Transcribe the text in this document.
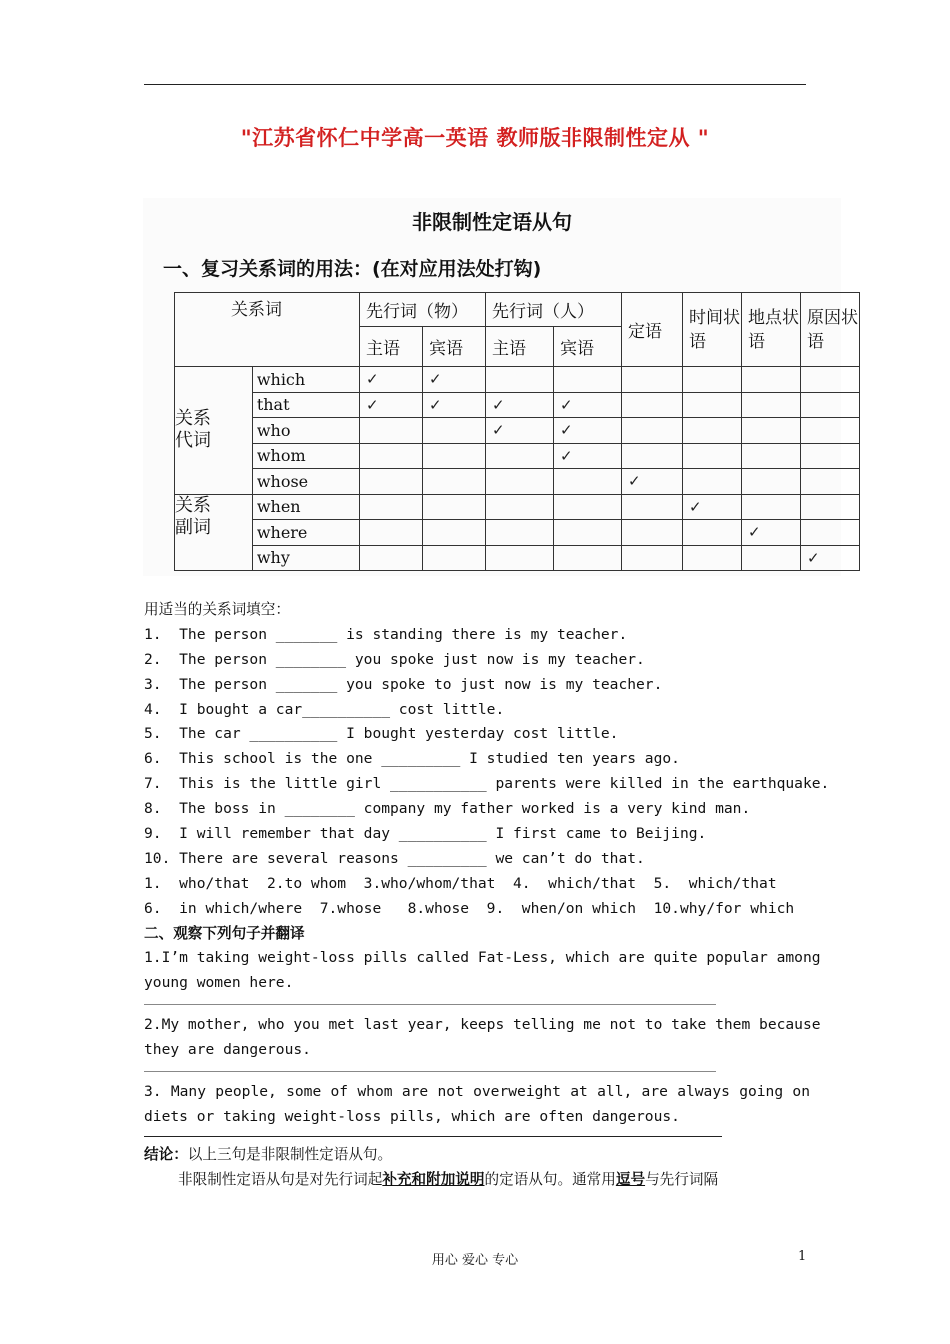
"江苏省怀仁中学高一英语 教师版非限制性定从 "
非限制性定语从句
一、复习关系词的用法：(在对应用法处打钩)
关系词		先行词（物）		先行词（人）		定语	时间状语	地点状语	原因状语
		主语	宾语	主语	宾语				
关系代词	which	✓	✓						
	that	✓	✓	✓	✓				
	who			✓	✓				
	whom				✓				
	whose					✓			
关系副词	when						✓		
	where							✓	
	why								✓
用适当的关系词填空：
1.  The person _______ is standing there is my teacher.
2.  The person ________ you spoke just now is my teacher.
3.  The person _______ you spoke to just now is my teacher.
4.  I bought a car__________ cost little.
5.  The car __________ I bought yesterday cost little.
6.  This school is the one _________ I studied ten years ago.
7.  This is the little girl ___________ parents were killed in the earthquake.
8.  The boss in ________ company my father worked is a very kind man.
9.  I will remember that day __________ I first came to Beijing.
10. There are several reasons _________ we can’t do that.
1.  who/that  2.to whom  3.who/whom/that  4.  which/that  5.  which/that
6.  in which/where  7.whose   8.whose  9.  when/on which  10.why/for which
二、观察下列句子并翻译
1.I’m taking weight-loss pills called Fat-Less, which are quite popular among
young women here.
2.My mother, who you met last year, keeps telling me not to take them because
they are dangerous.
3. Many people, some of whom are not overweight at all, are always going on
diets or taking weight-loss pills, which are often dangerous.
结论：以上三句是非限制性定语从句。
非限制性定语从句是对先行词起补充和附加说明的定语从句。通常用逗号与先行词隔
用心 爱心 专心	1
